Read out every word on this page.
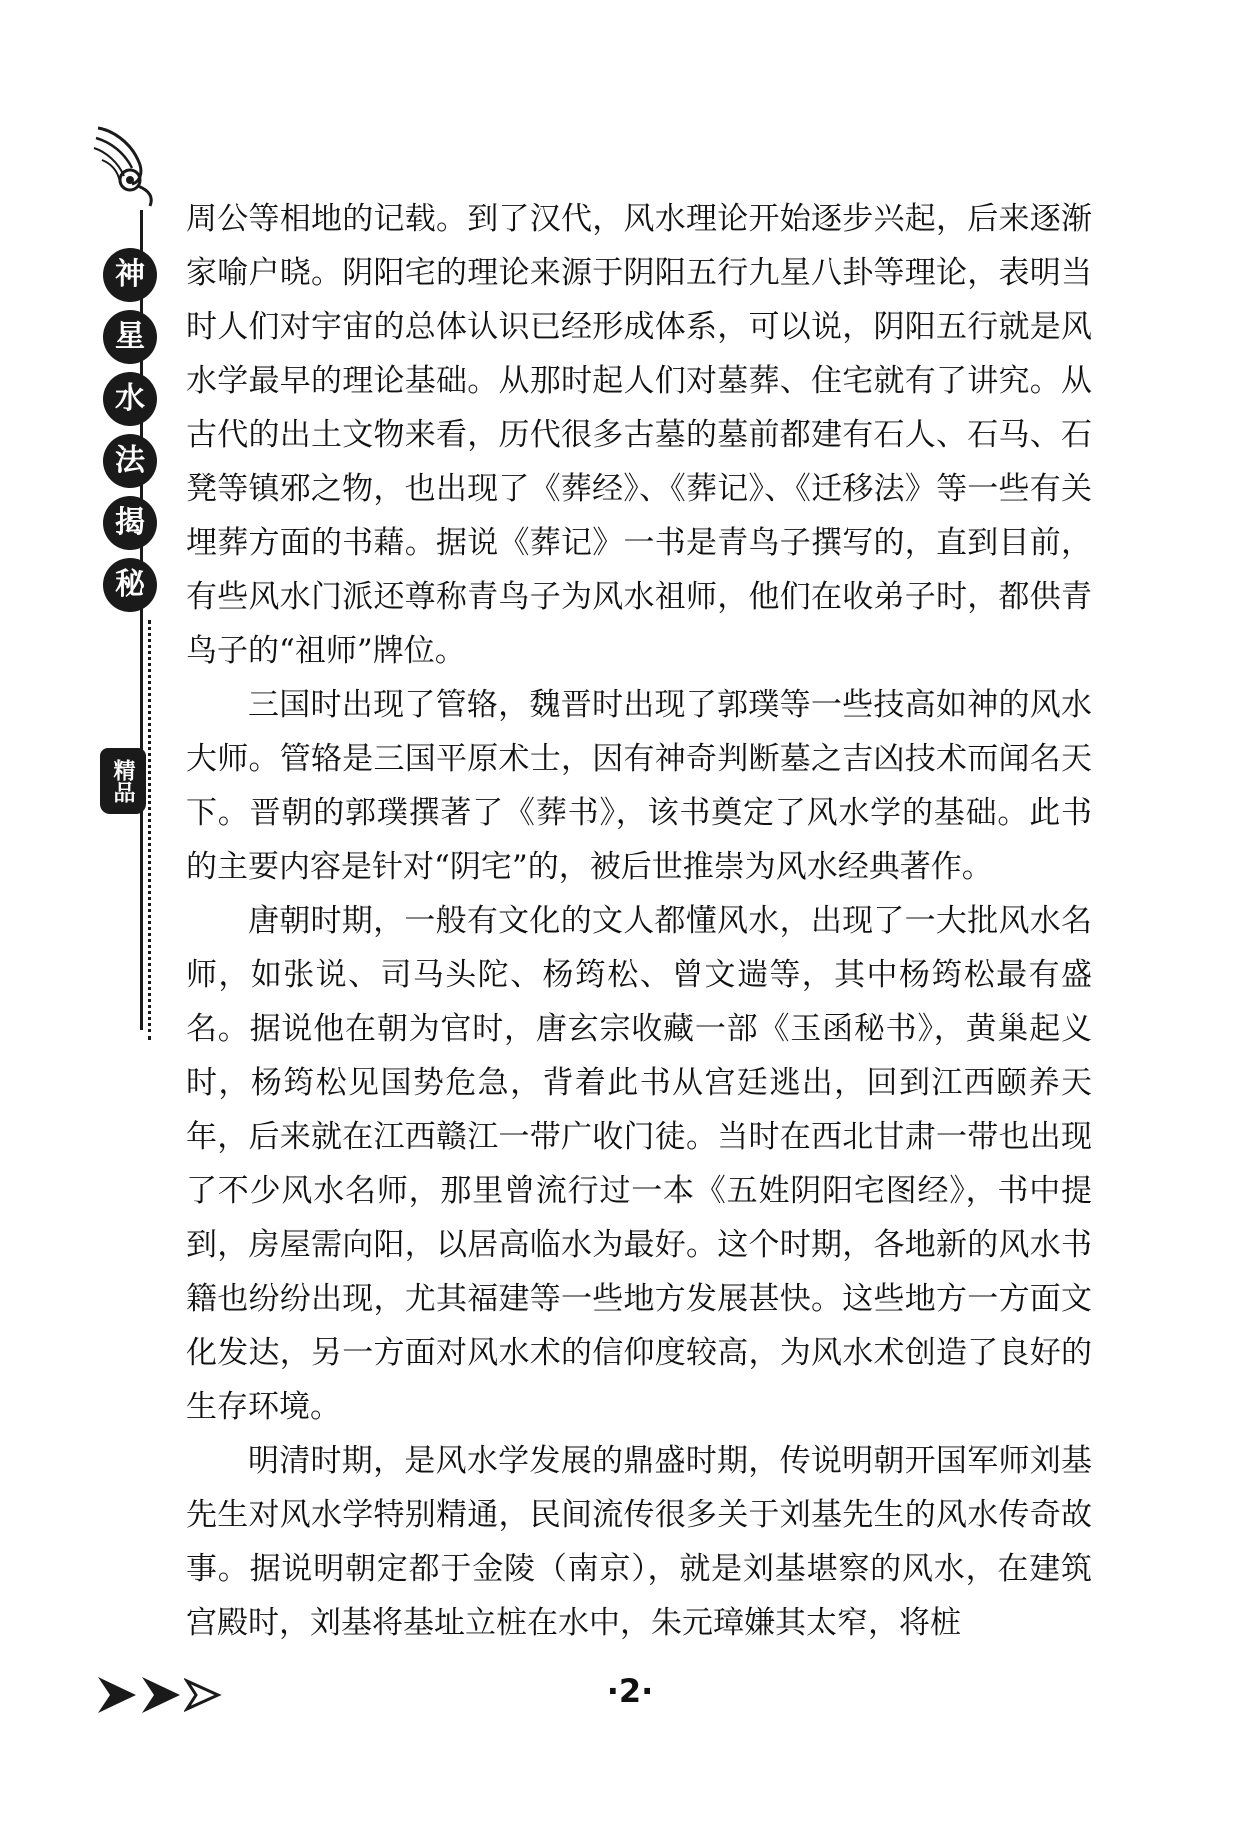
神
星
水
法
揭
秘
精品

周公等相地的记载。到了汉代，风水理论开始逐步兴起，后来逐渐家喻户晓。阴阳宅的理论来源于阴阳五行九星八卦等理论，表明当时人们对宇宙的总体认识已经形成体系，可以说，阴阳五行就是风水学最早的理论基础。从那时起人们对墓葬、住宅就有了讲究。从古代的出土文物来看，历代很多古墓的墓前都建有石人、石马、石凳等镇邪之物，也出现了《葬经》、《葬记》、《迁移法》等一些有关埋葬方面的书藉。据说《葬记》一书是青鸟子撰写的，直到目前，有些风水门派还尊称青鸟子为风水祖师，他们在收弟子时，都供青鸟子的“祖师”牌位。

三国时出现了管辂，魏晋时出现了郭璞等一些技高如神的风水大师。管辂是三国平原术士，因有神奇判断墓之吉凶技术而闻名天下。晋朝的郭璞撰著了《葬书》，该书奠定了风水学的基础。此书的主要内容是针对“阴宅”的，被后世推崇为风水经典著作。

唐朝时期，一般有文化的文人都懂风水，出现了一大批风水名师，如张说、司马头陀、杨筠松、曾文遄等，其中杨筠松最有盛名。据说他在朝为官时，唐玄宗收藏一部《玉函秘书》，黄巢起义时，杨筠松见国势危急，背着此书从宫廷逃出，回到江西颐养天年，后来就在江西赣江一带广收门徒。当时在西北甘肃一带也出现了不少风水名师，那里曾流行过一本《五姓阴阳宅图经》，书中提到，房屋需向阳，以居高临水为最好。这个时期，各地新的风水书籍也纷纷出现，尤其福建等一些地方发展甚快。这些地方一方面文化发达，另一方面对风水术的信仰度较高，为风水术创造了良好的生存环境。

明清时期，是风水学发展的鼎盛时期，传说明朝开国军师刘基先生对风水学特别精通，民间流传很多关于刘基先生的风水传奇故事。据说明朝定都于金陵（南京），就是刘基堪察的风水，在建筑宫殿时，刘基将基址立桩在水中，朱元璋嫌其太窄，将桩

·2·
